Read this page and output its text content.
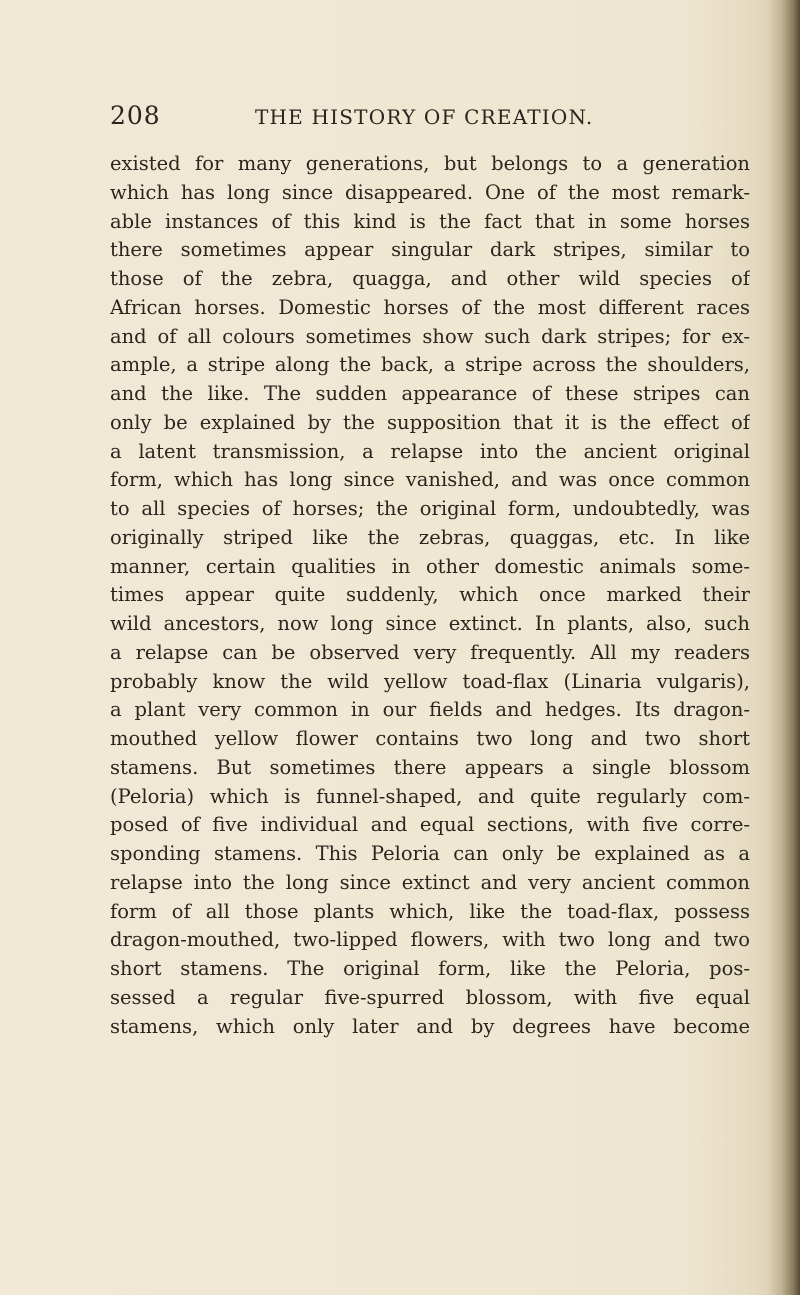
208	THE HISTORY OF CREATION.
existed for many generations, but belongs to a generation
which has long since disappeared. One of the most remark-
able instances of this kind is the fact that in some horses
there sometimes appear singular dark stripes, similar to
those of the zebra, quagga, and other wild species of
African horses. Domestic horses of the most different races
and of all colours sometimes show such dark stripes; for ex-
ample, a stripe along the back, a stripe across the shoulders,
and the like. The sudden appearance of these stripes can
only be explained by the supposition that it is the effect of
a latent transmission, a relapse into the ancient original
form, which has long since vanished, and was once common
to all species of horses; the original form, undoubtedly, was
originally striped like the zebras, quaggas, etc. In like
manner, certain qualities in other domestic animals some-
times appear quite suddenly, which once marked their
wild ancestors, now long since extinct. In plants, also, such
a relapse can be observed very frequently. All my readers
probably know the wild yellow toad-flax (Linaria vulgaris),
a plant very common in our fields and hedges. Its dragon-
mouthed yellow flower contains two long and two short
stamens. But sometimes there appears a single blossom
(Peloria) which is funnel-shaped, and quite regularly com-
posed of five individual and equal sections, with five corre-
sponding stamens. This Peloria can only be explained as a
relapse into the long since extinct and very ancient common
form of all those plants which, like the toad-flax, possess
dragon-mouthed, two-lipped flowers, with two long and two
short stamens. The original form, like the Peloria, pos-
sessed a regular five-spurred blossom, with five equal
stamens, which only later and by degrees have become
